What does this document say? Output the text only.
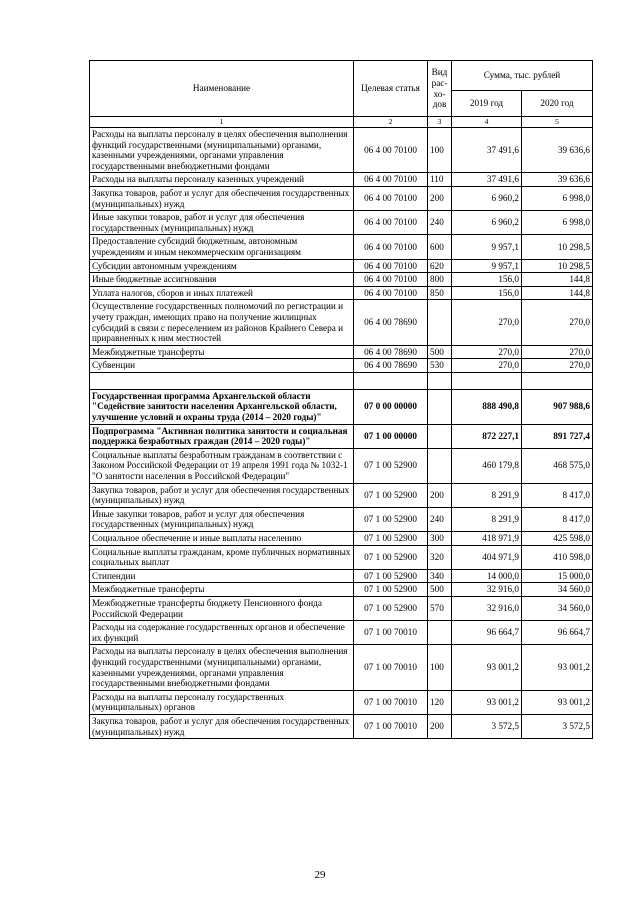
Наименование	Целевая статья	Вид рас-хо-дов	Сумма, тыс. рублей	
			2019 год	2020 год
1	2	3	4	5
Расходы на выплаты персоналу в целях обеспечения выполнения функций государственными (муниципальными) органами, казенными учреждениями, органами управления государственными внебюджетными фондами	06 4 00 70100	100	37 491,6	39 636,6
Расходы на выплаты персоналу казенных учреждений	06 4 00 70100	110	37 491,6	39 636,6
Закупка товаров, работ и услуг для обеспечения государственных (муниципальных) нужд	06 4 00 70100	200	6 960,2	6 998,0
Иные закупки товаров, работ и услуг для обеспечения государственных (муниципальных) нужд	06 4 00 70100	240	6 960,2	6 998,0
Предоставление субсидий бюджетным, автономным учреждениям и иным некоммерческим организациям	06 4 00 70100	600	9 957,1	10 298,5
Субсидии автономным учреждениям	06 4 00 70100	620	9 957,1	10 298,5
Иные бюджетные ассигнования	06 4 00 70100	800	156,0	144,8
Уплата налогов, сборов и иных платежей	06 4 00 70100	850	156,0	144,8
Осуществление государственных полномочий по регистрации и учету граждан, имеющих право на получение жилищных субсидий в связи с переселением из районов Крайнего Севера и приравненных к ним местностей	06 4 00 78690		270,0	270,0
Межбюджетные трансферты	06 4 00 78690	500	270,0	270,0
Субвенции	06 4 00 78690	530	270,0	270,0

Государственная программа Архангельской области "Содействие занятости населения Архангельской области, улучшение условий и охраны труда (2014 – 2020 годы)"	07 0 00 00000		888 490,8	907 988,6
Подпрограмма "Активная политика занятости и социальная поддержка безработных граждан (2014 – 2020 годы)"	07 1 00 00000		872 227,1	891 727,4
Социальные выплаты безработным гражданам в соответствии с Законом Российской Федерации от 19 апреля 1991 года № 1032-1 "О занятости населения в Российской Федерации"	07 1 00 52900		460 179,8	468 575,0
Закупка товаров, работ и услуг для обеспечения государственных (муниципальных) нужд	07 1 00 52900	200	8 291,9	8 417,0
Иные закупки товаров, работ и услуг для обеспечения государственных (муниципальных) нужд	07 1 00 52900	240	8 291,9	8 417,0
Социальное обеспечение и иные выплаты населению	07 1 00 52900	300	418 971,9	425 598,0
Социальные выплаты гражданам, кроме публичных нормативных социальных выплат	07 1 00 52900	320	404 971,9	410 598,0
Стипендии	07 1 00 52900	340	14 000,0	15 000,0
Межбюджетные трансферты	07 1 00 52900	500	32 916,0	34 560,0
Межбюджетные трансферты бюджету Пенсионного фонда Российской Федерации	07 1 00 52900	570	32 916,0	34 560,0
Расходы на содержание государственных органов и обеспечение их функций	07 1 00 70010		96 664,7	96 664,7
Расходы на выплаты персоналу в целях обеспечения выполнения функций государственными (муниципальными) органами, казенными учреждениями, органами управления государственными внебюджетными фондами	07 1 00 70010	100	93 001,2	93 001,2
Расходы на выплаты персоналу государственных (муниципальных) органов	07 1 00 70010	120	93 001,2	93 001,2
Закупка товаров, работ и услуг для обеспечения государственных (муниципальных) нужд	07 1 00 70010	200	3 572,5	3 572,5
29
